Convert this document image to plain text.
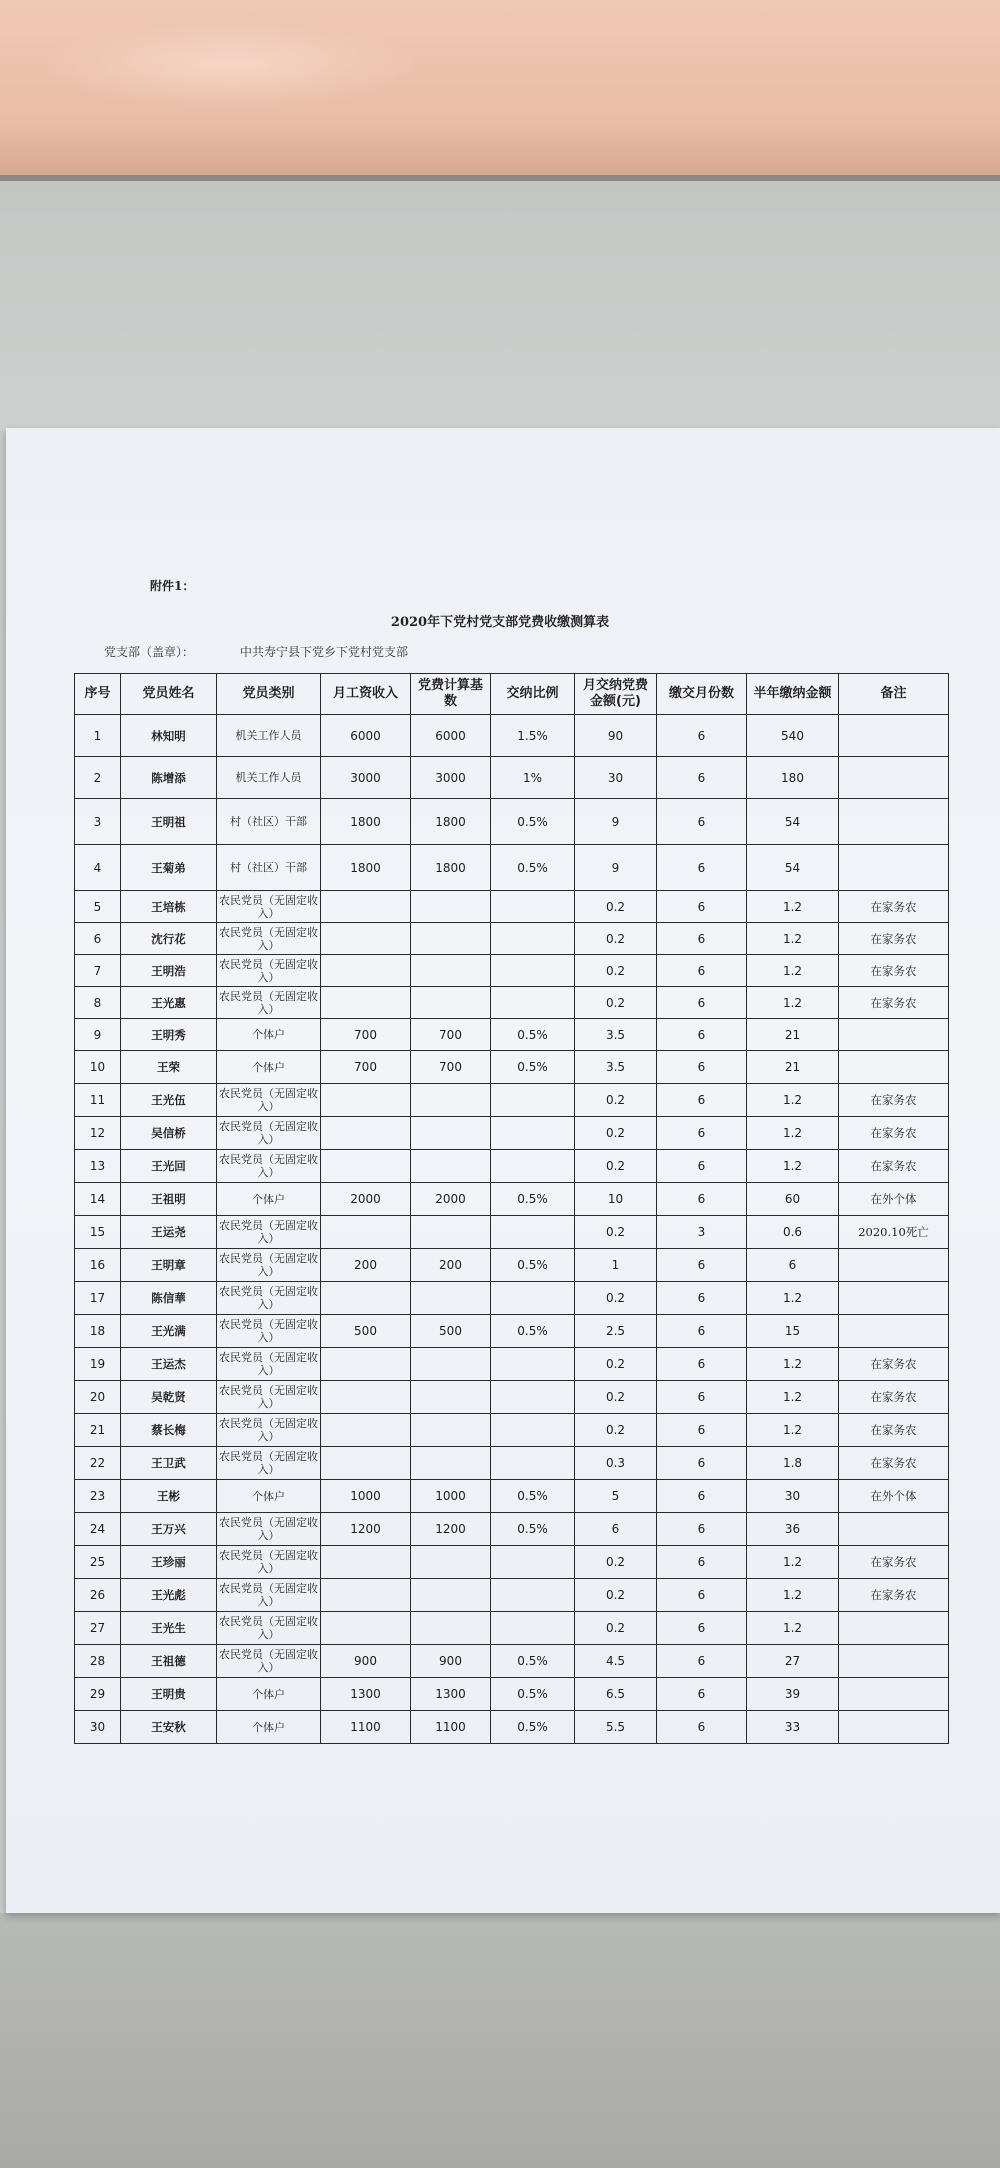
附件1：
2020年下党村党支部党费收缴测算表
党支部（盖章）：	中共寿宁县下党乡下党村党支部
序号	党员姓名	党员类别	月工资收入	党费计算基数	交纳比例	月交纳党费金额(元)	缴交月份数	半年缴纳金额	备注
1	林知明	机关工作人员	6000	6000	1.5%	90	6	540	
2	陈增添	机关工作人员	3000	3000	1%	30	6	180	
3	王明祖	村（社区）干部	1800	1800	0.5%	9	6	54	
4	王菊弟	村（社区）干部	1800	1800	0.5%	9	6	54	
5	王培栋	农民党员（无固定收入）				0.2	6	1.2	在家务农
6	沈行花	农民党员（无固定收入）				0.2	6	1.2	在家务农
7	王明浩	农民党员（无固定收入）				0.2	6	1.2	在家务农
8	王光惠	农民党员（无固定收入）				0.2	6	1.2	在家务农
9	王明秀	个体户	700	700	0.5%	3.5	6	21	
10	王荣	个体户	700	700	0.5%	3.5	6	21	
11	王光伍	农民党员（无固定收入）				0.2	6	1.2	在家务农
12	吴信桥	农民党员（无固定收入）				0.2	6	1.2	在家务农
13	王光回	农民党员（无固定收入）				0.2	6	1.2	在家务农
14	王祖明	个体户	2000	2000	0.5%	10	6	60	在外个体
15	王运尧	农民党员（无固定收入）				0.2	3	0.6	2020.10死亡
16	王明章	农民党员（无固定收入）	200	200	0.5%	1	6	6	
17	陈信華	农民党员（无固定收入）				0.2	6	1.2	
18	王光满	农民党员（无固定收入）	500	500	0.5%	2.5	6	15	
19	王运杰	农民党员（无固定收入）				0.2	6	1.2	在家务农
20	吴乾贤	农民党员（无固定收入）				0.2	6	1.2	在家务农
21	蔡长梅	农民党员（无固定收入）				0.2	6	1.2	在家务农
22	王卫武	农民党员（无固定收入）				0.3	6	1.8	在家务农
23	王彬	个体户	1000	1000	0.5%	5	6	30	在外个体
24	王万兴	农民党员（无固定收入）	1200	1200	0.5%	6	6	36	
25	王珍丽	农民党员（无固定收入）				0.2	6	1.2	在家务农
26	王光彪	农民党员（无固定收入）				0.2	6	1.2	在家务农
27	王光生	农民党员（无固定收入）				0.2	6	1.2	
28	王祖德	农民党员（无固定收入）	900	900	0.5%	4.5	6	27	
29	王明贵	个体户	1300	1300	0.5%	6.5	6	39	
30	王安秋	个体户	1100	1100	0.5%	5.5	6	33	
